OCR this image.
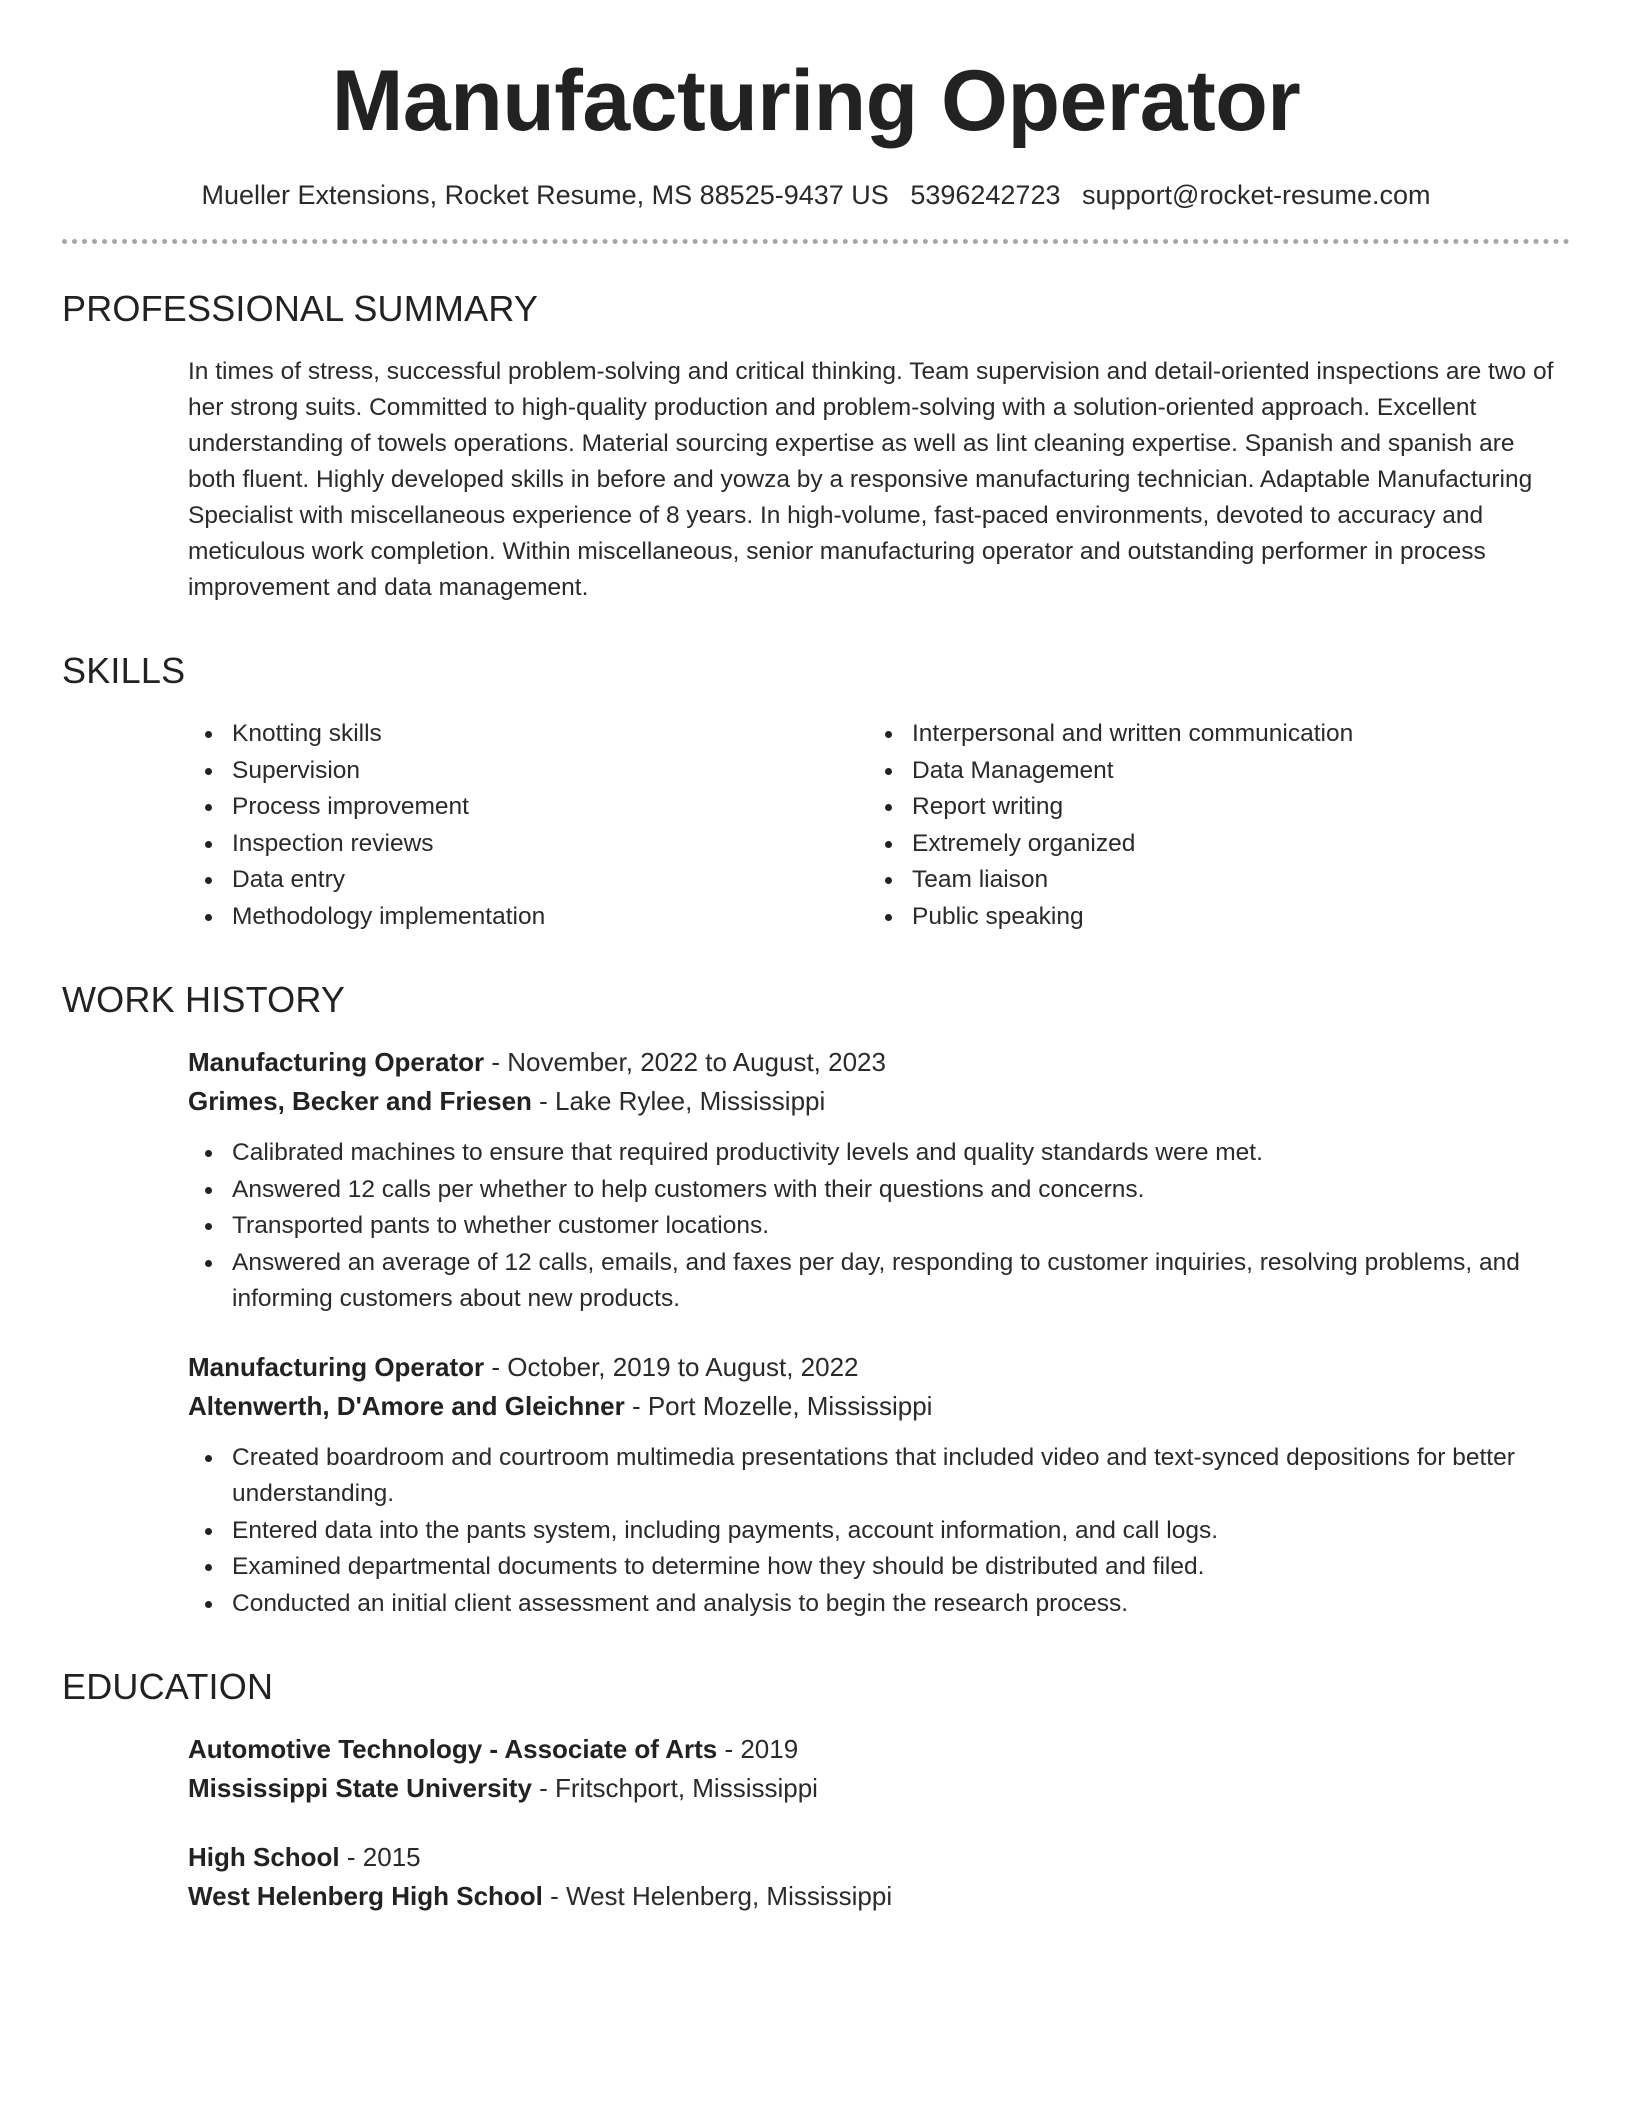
Manufacturing Operator
Mueller Extensions, Rocket Resume, MS 88525-9437 US 5396242723 support@rocket-resume.com
PROFESSIONAL SUMMARY

In times of stress, successful problem-solving and critical thinking. Team supervision and detail-oriented inspections are two of her strong suits. Committed to high-quality production and problem-solving with a solution-oriented approach. Excellent understanding of towels operations. Material sourcing expertise as well as lint cleaning expertise. Spanish and spanish are both fluent. Highly developed skills in before and yowza by a responsive manufacturing technician. Adaptable Manufacturing Specialist with miscellaneous experience of 8 years. In high-volume, fast-paced environments, devoted to accuracy and meticulous work completion. Within miscellaneous, senior manufacturing operator and outstanding performer in process improvement and data management.

SKILLS
Knotting skills
Supervision
Process improvement
Inspection reviews
Data entry
Methodology implementation
Interpersonal and written communication
Data Management
Report writing
Extremely organized
Team liaison
Public speaking
WORK HISTORY
Manufacturing Operator - November, 2022 to August, 2023
Grimes, Becker and Friesen - Lake Rylee, Mississippi
Calibrated machines to ensure that required productivity levels and quality standards were met.
Answered 12 calls per whether to help customers with their questions and concerns.
Transported pants to whether customer locations.
Answered an average of 12 calls, emails, and faxes per day, responding to customer inquiries, resolving problems, and informing customers about new products.
Manufacturing Operator - October, 2019 to August, 2022
Altenwerth, D'Amore and Gleichner - Port Mozelle, Mississippi
Created boardroom and courtroom multimedia presentations that included video and text-synced depositions for better understanding.
Entered data into the pants system, including payments, account information, and call logs.
Examined departmental documents to determine how they should be distributed and filed.
Conducted an initial client assessment and analysis to begin the research process.
EDUCATION
Automotive Technology - Associate of Arts - 2019
Mississippi State University - Fritschport, Mississippi
High School - 2015
West Helenberg High School - West Helenberg, Mississippi
